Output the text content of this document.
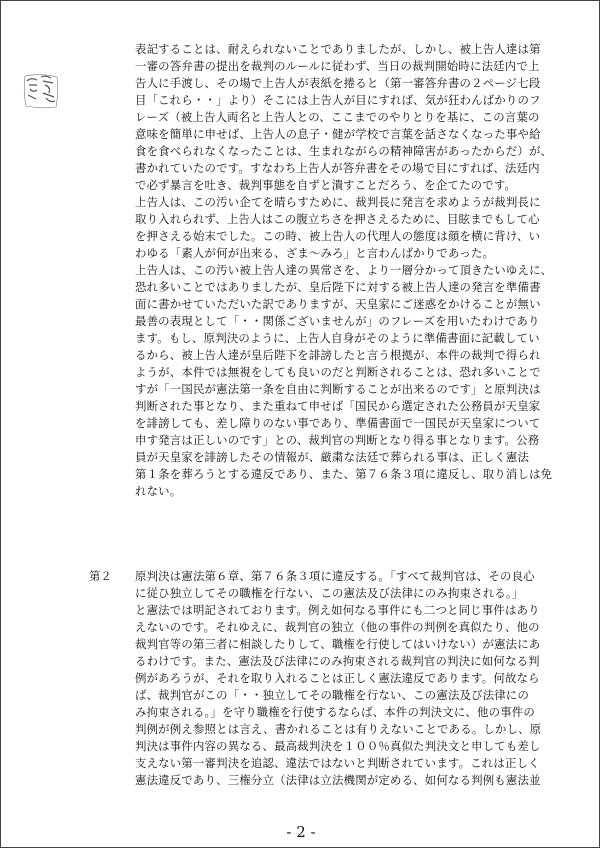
表記することは、耐えられないことでありましたが、しかし、被上告人達は第
一審の答弁書の提出を裁判のルールに従わず、当日の裁判開始時に法廷内で上
告人に手渡し、その場で上告人が表紙を捲ると（第一審答弁書の２ページ七段
目「これら・・」より）そこには上告人が目にすれば、気が狂わんばかりのフ
レーズ（被上告人両名と上告人との、ここまでのやりとりを基に、この言葉の
意味を簡単に申せば、上告人の息子・健が学校で言葉を話さなくなった事や給
食を食べられなくなったことは、生まれながらの精神障害があったからだ）が、
書かれていたのです。すなわち上告人が答弁書をその場で目にすれば、法廷内
で必ず暴言を吐き、裁判事態を自ずと潰すことだろう、を企てたのです。
上告人は、この汚い企てを晴らすために、裁判長に発言を求めようが裁判長に
取り入れられず、上告人はこの腹立ちさを押さえるために、目眩までもして心
を押さえる始末でした。この時、被上告人の代理人の態度は顔を横に背け、い
わゆる「素人が何が出来る、ざま～みろ」と言わんばかりであった。
上告人は、この汚い被上告人達の異常さを、より一層分かって頂きたいゆえに、
恐れ多いことではありましたが、皇后陛下に対する被上告人達の発言を準備書
面に書かせていただいた訳でありますが、天皇家にご迷惑をかけることが無い
最善の表現として「・・関係ございませんが」のフレーズを用いたわけであり
ます。もし、原判決のように、上告人自身がそのように準備書面に記載してい
るから、被上告人達が皇后陛下を誹謗したと言う根拠が、本件の裁判で得られ
ようが、本件では無視をしても良いのだと判断されることは、恐れ多いことで
すが「一国民が憲法第一条を自由に判断することが出来るのです」と原判決は
判断された事となり、また重ねて申せば「国民から選定された公務員が天皇家
を誹謗しても、差し障りのない事であり、準備書面で一国民が天皇家について
申す発言は正しいのです」との、裁判官の判断となり得る事となります。公務
員が天皇家を誹謗したその情報が、厳粛な法廷で葬られる事は、正しく憲法
第１条を葬ろうとする違反であり、また、第７６条３項に違反し、取り消しは免
れない。
第２ 原判決は憲法第６章、第７６条３項に違反する。「すべて裁判官は、その良心
に従ひ独立してその職権を行ない、この憲法及び法律にのみ拘束される。」
と憲法では明記されております。例え如何なる事件にも二つと同じ事件はあり
えないのです。それゆえに、裁判官の独立（他の事件の判例を真似たり、他の
裁判官等の第三者に相談したりして、職権を行使してはいけない）が憲法にあ
るわけです。また、憲法及び法律にのみ拘束される裁判官の判決に如何なる判
例があろうが、それを取り入れることは正しく憲法違反であります。何故なら
ば、裁判官がこの「・・独立してその職権を行ない、この憲法及び法律にの
み拘束される。」を守り職権を行使するならば、本件の判決文に、他の事件の
判例が例え参照とは言え、書かれることは有りえないことである。しかし、原
判決は事件内容の異なる、最高裁判決を１００％真似た判決文と申しても差し
支えない第一審判決を追認、違法ではないと判断されています。これは正しく
憲法違反であり、三権分立（法律は立法機関が定める、如何なる判例も憲法並
- 2 -
